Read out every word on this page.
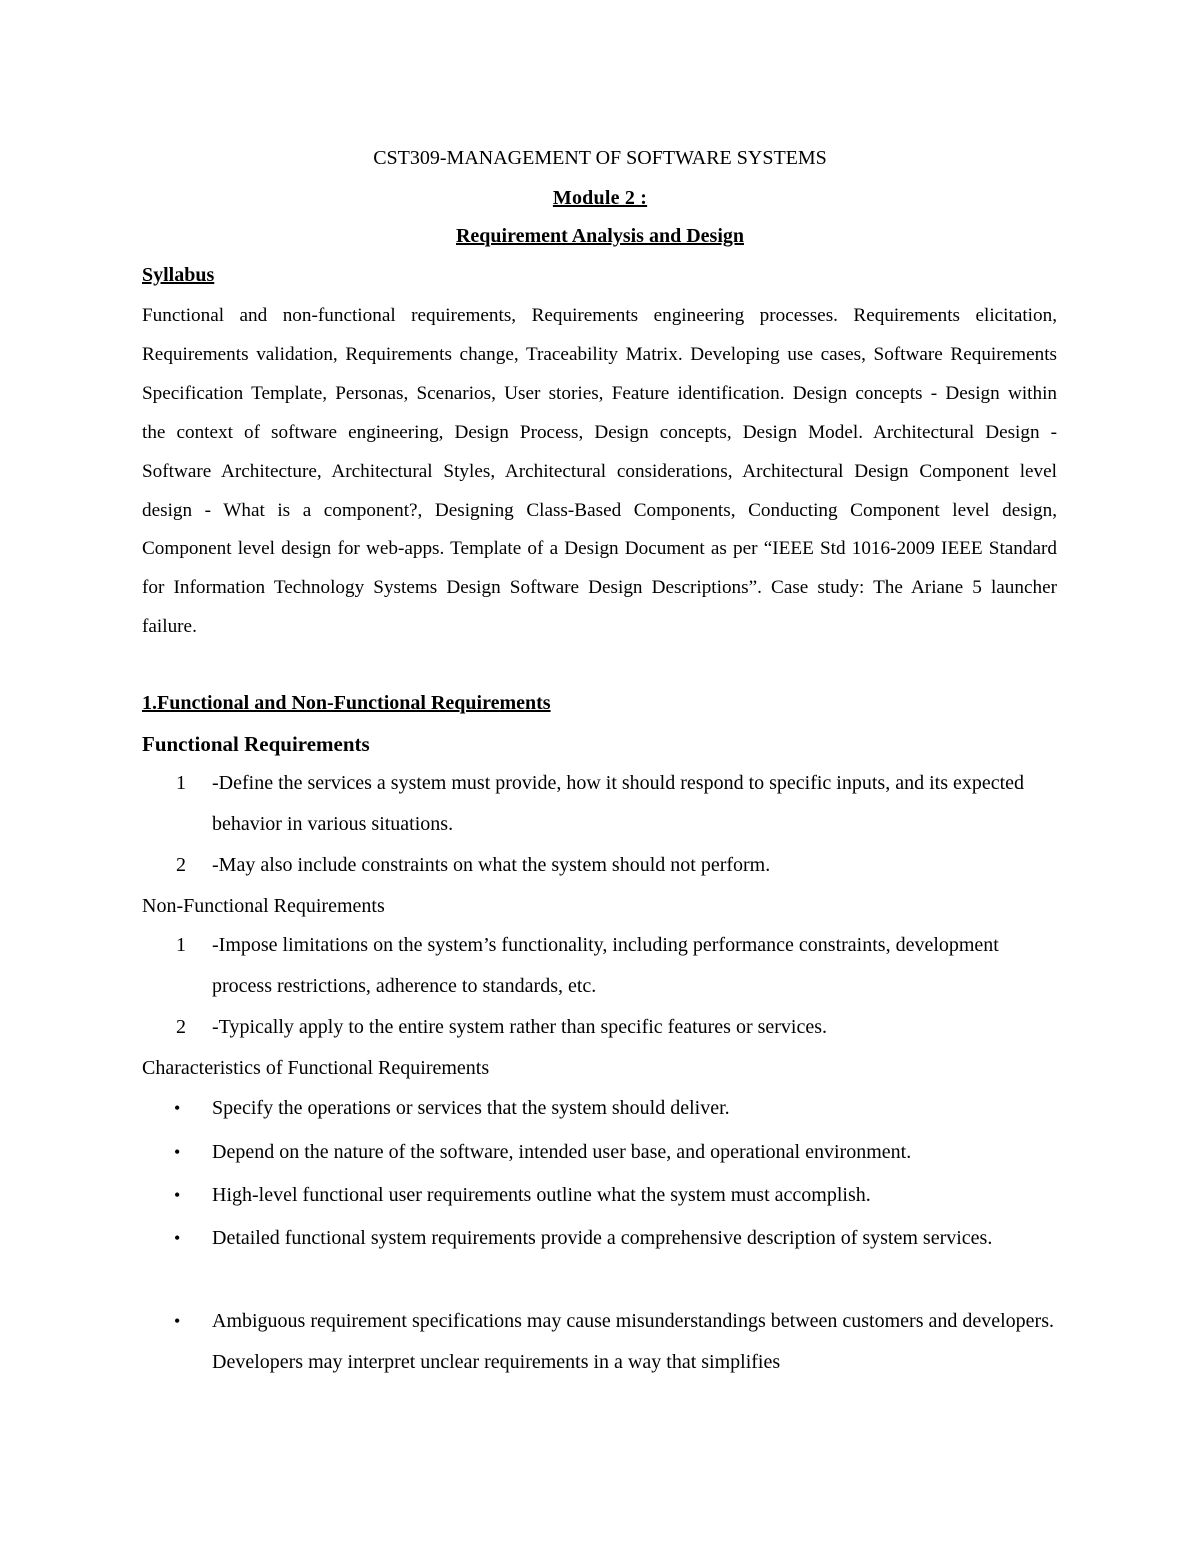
CST309-MANAGEMENT OF SOFTWARE SYSTEMS
Module 2 :
Requirement Analysis and Design
Syllabus
Functional and non-functional requirements, Requirements engineering processes. Requirements elicitation, Requirements validation, Requirements change, Traceability Matrix. Developing use cases, Software Requirements Specification Template, Personas, Scenarios, User stories, Feature identification. Design concepts - Design within the context of software engineering, Design Process, Design concepts, Design Model. Architectural Design - Software Architecture, Architectural Styles, Architectural considerations, Architectural Design Component level design - What is a component?, Designing Class-Based Components, Conducting Component level design, Component level design for web-apps. Template of a Design Document as per “IEEE Std 1016-2009 IEEE Standard for Information Technology Systems Design Software Design Descriptions”. Case study: The Ariane 5 launcher failure.
1.Functional and Non-Functional Requirements
Functional Requirements
1	-Define the services a system must provide, how it should respond to specific inputs, and its expected behavior in various situations.
2	-May also include constraints on what the system should not perform.
Non-Functional Requirements
1	-Impose limitations on the system’s functionality, including performance constraints, development process restrictions, adherence to standards, etc.
2	-Typically apply to the entire system rather than specific features or services.
Characteristics of Functional Requirements
•	Specify the operations or services that the system should deliver.
•	Depend on the nature of the software, intended user base, and operational environment.
•	High-level functional user requirements outline what the system must accomplish.
•	Detailed functional system requirements provide a comprehensive description of system services.
•	Ambiguous requirement specifications may cause misunderstandings between customers and developers. Developers may interpret unclear requirements in a way that simplifies
